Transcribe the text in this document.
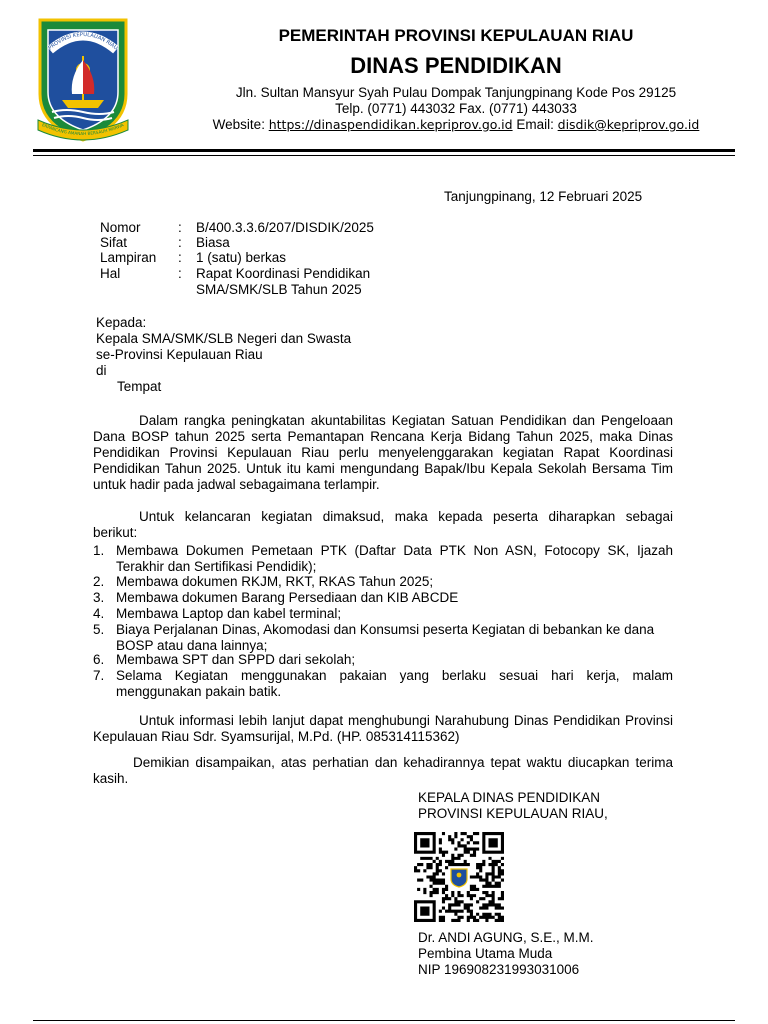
PROVINSI KEPULAUAN RIAU
ERPANCANG AMANAH BERSAUH MARWA
PEMERINTAH PROVINSI KEPULAUAN RIAU
DINAS PENDIDIKAN
Jln. Sultan Mansyur Syah Pulau Dompak Tanjungpinang Kode Pos 29125
Telp. (0771) 443032 Fax. (0771) 443033
Website: https://dinaspendidikan.kepriprov.go.id Email: disdik@kepriprov.go.id
Tanjungpinang, 12 Februari 2025
Nomor	: B/400.3.3.6/207/DISDIK/2025
Sifat	: Biasa
Lampiran : 1 (satu) berkas
Hal	: Rapat Koordinasi Pendidikan
SMA/SMK/SLB Tahun 2025
Kepada:
Kepala SMA/SMK/SLB Negeri dan Swasta
se-Provinsi Kepulauan Riau
di
Tempat
Dalam rangka peningkatan akuntabilitas Kegiatan Satuan Pendidikan dan Pengeloaan
Dana BOSP tahun 2025 serta Pemantapan Rencana Kerja Bidang Tahun 2025, maka Dinas
Pendidikan Provinsi Kepulauan Riau perlu menyelenggarakan kegiatan Rapat Koordinasi
Pendidikan Tahun 2025. Untuk itu kami mengundang Bapak/Ibu Kepala Sekolah Bersama Tim
untuk hadir pada jadwal sebagaimana terlampir.
Untuk kelancaran kegiatan dimaksud, maka kepada peserta diharapkan sebagai
berikut:
1. Membawa Dokumen Pemetaan PTK (Daftar Data PTK Non ASN, Fotocopy SK, Ijazah
Terakhir dan Sertifikasi Pendidik);
2. Membawa dokumen RKJM, RKT, RKAS Tahun 2025;
3. Membawa dokumen Barang Persediaan dan KIB ABCDE
4. Membawa Laptop dan kabel terminal;
5. Biaya Perjalanan Dinas, Akomodasi dan Konsumsi peserta Kegiatan di bebankan ke dana
BOSP atau dana lainnya;
6. Membawa SPT dan SPPD dari sekolah;
7. Selama Kegiatan menggunakan pakaian yang berlaku sesuai hari kerja, malam
menggunakan pakain batik.
Untuk informasi lebih lanjut dapat menghubungi Narahubung Dinas Pendidikan Provinsi
Kepulauan Riau Sdr. Syamsurijal, M.Pd. (HP. 085314115362)
Demikian disampaikan, atas perhatian dan kehadirannya tepat waktu diucapkan terima
kasih.
KEPALA DINAS PENDIDIKAN
PROVINSI KEPULAUAN RIAU,
Dr. ANDI AGUNG, S.E., M.M.
Pembina Utama Muda
NIP 196908231993031006
